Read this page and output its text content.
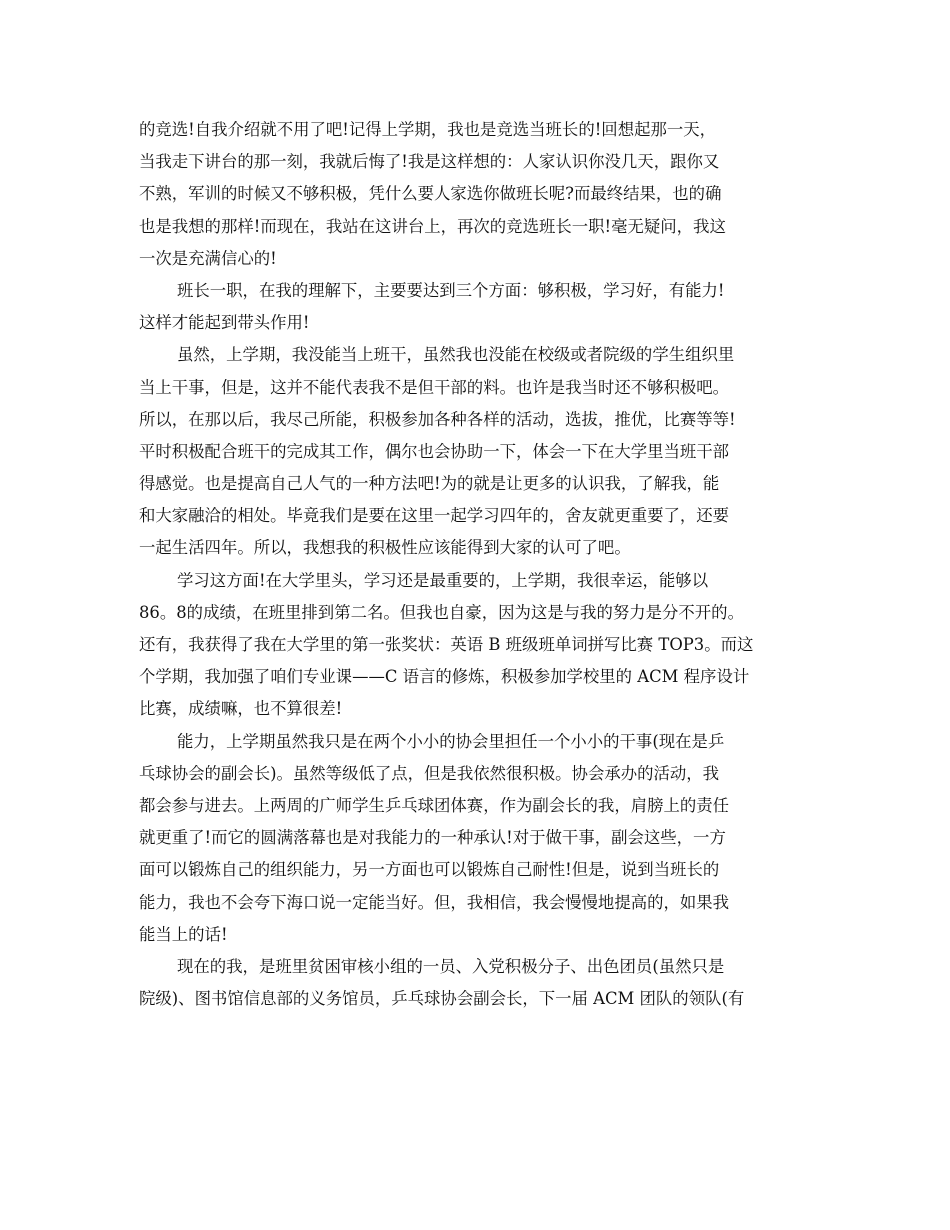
的竞选!自我介绍就不用了吧!记得上学期，我也是竞选当班长的!回想起那一天，
当我走下讲台的那一刻，我就后悔了!我是这样想的：人家认识你没几天，跟你又
不熟，军训的时候又不够积极，凭什么要人家选你做班长呢?而最终结果，也的确
也是我想的那样!而现在，我站在这讲台上，再次的竞选班长一职!毫无疑问，我这
一次是充满信心的!
班长一职，在我的理解下，主要要达到三个方面：够积极，学习好，有能力!
这样才能起到带头作用!
虽然，上学期，我没能当上班干，虽然我也没能在校级或者院级的学生组织里
当上干事，但是，这并不能代表我不是但干部的料。也许是我当时还不够积极吧。
所以，在那以后，我尽己所能，积极参加各种各样的活动，选拔，推优，比赛等等!
平时积极配合班干的完成其工作，偶尔也会协助一下，体会一下在大学里当班干部
得感觉。也是提高自己人气的一种方法吧!为的就是让更多的认识我，了解我，能
和大家融洽的相处。毕竟我们是要在这里一起学习四年的，舍友就更重要了，还要
一起生活四年。所以，我想我的积极性应该能得到大家的认可了吧。
学习这方面!在大学里头，学习还是最重要的，上学期，我很幸运，能够以
86。8的成绩，在班里排到第二名。但我也自豪，因为这是与我的努力是分不开的。
还有，我获得了我在大学里的第一张奖状：英语 B 班级班单词拼写比赛 TOP3。而这
个学期，我加强了咱们专业课——C 语言的修炼，积极参加学校里的 ACM 程序设计
比赛，成绩嘛，也不算很差!
能力，上学期虽然我只是在两个小小的协会里担任一个小小的干事(现在是乒
乓球协会的副会长)。虽然等级低了点，但是我依然很积极。协会承办的活动，我
都会参与进去。上两周的广师学生乒乓球团体赛，作为副会长的我，肩膀上的责任
就更重了!而它的圆满落幕也是对我能力的一种承认!对于做干事，副会这些，一方
面可以锻炼自己的组织能力，另一方面也可以锻炼自己耐性!但是，说到当班长的
能力，我也不会夸下海口说一定能当好。但，我相信，我会慢慢地提高的，如果我
能当上的话!
现在的我，是班里贫困审核小组的一员、入党积极分子、出色团员(虽然只是
院级)、图书馆信息部的义务馆员，乒乓球协会副会长，下一届 ACM 团队的领队(有
